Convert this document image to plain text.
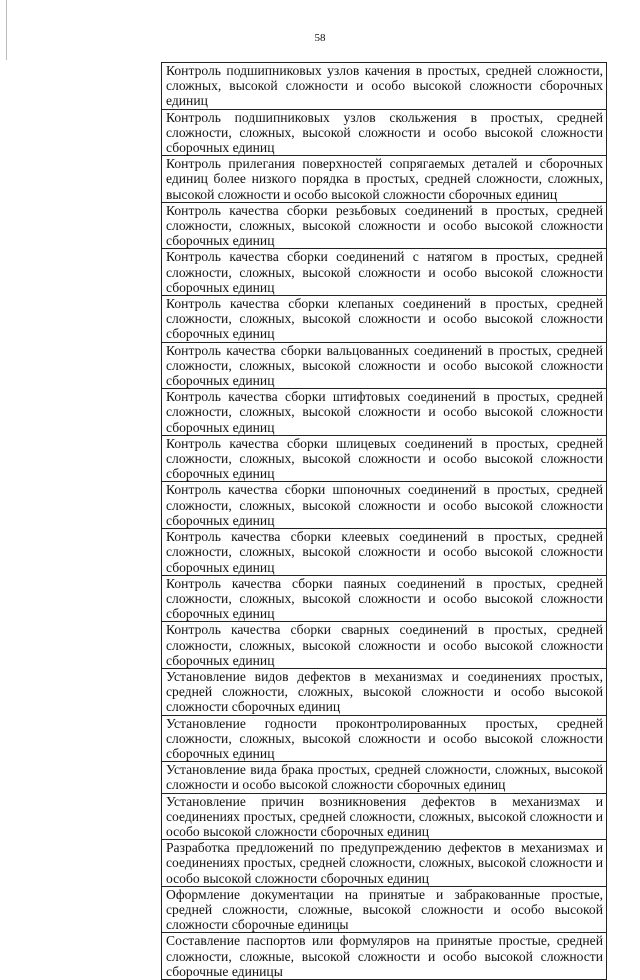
58
Контроль подшипниковых узлов качения в простых, средней сложности, сложных, высокой сложности и особо высокой сложности сборочных единиц
Контроль подшипниковых узлов скольжения в простых, средней сложности, сложных, высокой сложности и особо высокой сложности сборочных единиц
Контроль прилегания поверхностей сопрягаемых деталей и сборочных единиц более низкого порядка в простых, средней сложности, сложных, высокой сложности и особо высокой сложности сборочных единиц
Контроль качества сборки резьбовых соединений в простых, средней сложности, сложных, высокой сложности и особо высокой сложности сборочных единиц
Контроль качества сборки соединений с натягом в простых, средней сложности, сложных, высокой сложности и особо высокой сложности сборочных единиц
Контроль качества сборки клепаных соединений в простых, средней сложности, сложных, высокой сложности и особо высокой сложности сборочных единиц
Контроль качества сборки вальцованных соединений в простых, средней сложности, сложных, высокой сложности и особо высокой сложности сборочных единиц
Контроль качества сборки штифтовых соединений в простых, средней сложности, сложных, высокой сложности и особо высокой сложности сборочных единиц
Контроль качества сборки шлицевых соединений в простых, средней сложности, сложных, высокой сложности и особо высокой сложности сборочных единиц
Контроль качества сборки шпоночных соединений в простых, средней сложности, сложных, высокой сложности и особо высокой сложности сборочных единиц
Контроль качества сборки клеевых соединений в простых, средней сложности, сложных, высокой сложности и особо высокой сложности сборочных единиц
Контроль качества сборки паяных соединений в простых, средней сложности, сложных, высокой сложности и особо высокой сложности сборочных единиц
Контроль качества сборки сварных соединений в простых, средней сложности, сложных, высокой сложности и особо высокой сложности сборочных единиц
Установление видов дефектов в механизмах и соединениях простых, средней сложности, сложных, высокой сложности и особо высокой сложности сборочных единиц
Установление годности проконтролированных простых, средней сложности, сложных, высокой сложности и особо высокой сложности сборочных единиц
Установление вида брака простых, средней сложности, сложных, высокой сложности и особо высокой сложности сборочных единиц
Установление причин возникновения дефектов в механизмах и соединениях простых, средней сложности, сложных, высокой сложности и особо высокой сложности сборочных единиц
Разработка предложений по предупреждению дефектов в механизмах и соединениях простых, средней сложности, сложных, высокой сложности и особо высокой сложности сборочных единиц
Оформление документации на принятые и забракованные простые, средней сложности, сложные, высокой сложности и особо высокой сложности сборочные единицы
Составление паспортов или формуляров на принятые простые, средней сложности, сложные, высокой сложности и особо высокой сложности сборочные единицы
